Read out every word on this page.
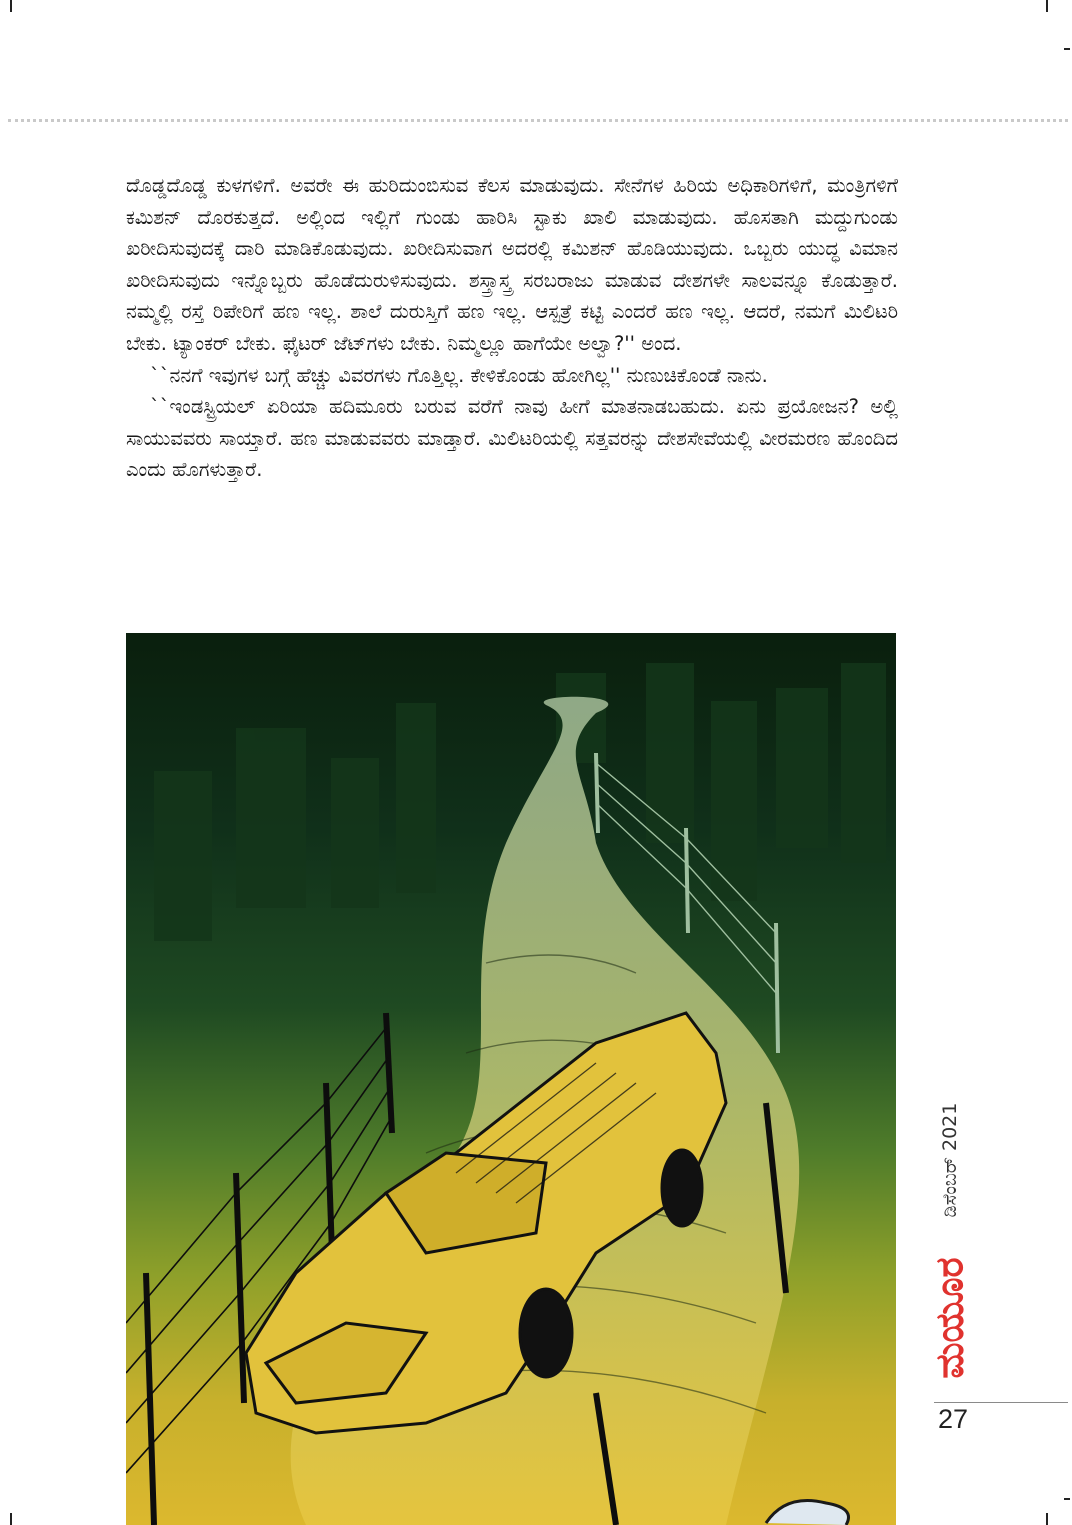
ದೊಡ್ಡದೊಡ್ಡ ಕುಳಗಳಿಗೆ. ಅವರೇ ಈ ಹುರಿದುಂಬಿಸುವ ಕೆಲಸ ಮಾಡುವುದು. ಸೇನೆಗಳ ಹಿರಿಯ ಅಧಿಕಾರಿಗಳಿಗೆ, ಮಂತ್ರಿಗಳಿಗೆ ಕಮಿಶನ್ ದೊರಕುತ್ತದೆ. ಅಲ್ಲಿಂದ ಇಲ್ಲಿಗೆ ಗುಂಡು ಹಾರಿಸಿ ಸ್ಟಾಕು ಖಾಲಿ ಮಾಡುವುದು. ಹೊಸತಾಗಿ ಮದ್ದುಗುಂಡು ಖರೀದಿಸುವುದಕ್ಕೆ ದಾರಿ ಮಾಡಿಕೊಡುವುದು. ಖರೀದಿಸುವಾಗ ಅದರಲ್ಲಿ ಕಮಿಶನ್ ಹೊಡಿಯುವುದು. ಒಬ್ಬರು ಯುದ್ಧ ವಿಮಾನ ಖರೀದಿಸುವುದು ಇನ್ನೊಬ್ಬರು ಹೊಡೆದುರುಳಿಸುವುದು. ಶಸ್ತ್ರಾಸ್ತ್ರ ಸರಬರಾಜು ಮಾಡುವ ದೇಶಗಳೇ ಸಾಲವನ್ನೂ ಕೊಡುತ್ತಾರೆ. ನಮ್ಮಲ್ಲಿ ರಸ್ತೆ ರಿಪೇರಿಗೆ ಹಣ ಇಲ್ಲ. ಶಾಲೆ ದುರುಸ್ತಿಗೆ ಹಣ ಇಲ್ಲ. ಆಸ್ಪತ್ರೆ ಕಟ್ಟಿ ಎಂದರೆ ಹಣ ಇಲ್ಲ. ಆದರೆ, ನಮಗೆ ಮಿಲಿಟರಿ ಬೇಕು. ಟ್ಯಾಂಕರ್ ಬೇಕು. ಫೈಟರ್ ಜೆಟ್‌ಗಳು ಬೇಕು. ನಿಮ್ಮಲ್ಲೂ ಹಾಗೆಯೇ ಅಲ್ವಾ?'' ಅಂದ.

``ನನಗೆ ಇವುಗಳ ಬಗ್ಗೆ ಹೆಚ್ಚು ವಿವರಗಳು ಗೊತ್ತಿಲ್ಲ. ಕೇಳಿಕೊಂಡು ಹೋಗಿಲ್ಲ'' ನುಣುಚಿಕೊಂಡೆ ನಾನು.

``ಇಂಡಸ್ಟ್ರಿಯಲ್ ಏರಿಯಾ ಹದಿಮೂರು ಬರುವ ವರೆಗೆ ನಾವು ಹೀಗೆ ಮಾತನಾಡಬಹುದು. ಏನು ಪ್ರಯೋಜನ? ಅಲ್ಲಿ ಸಾಯುವವರು ಸಾಯ್ತಾರೆ. ಹಣ ಮಾಡುವವರು ಮಾಡ್ತಾರೆ. ಮಿಲಿಟರಿಯಲ್ಲಿ ಸತ್ತವರನ್ನು ದೇಶಸೇವೆಯಲ್ಲಿ ವೀರಮರಣ ಹೊಂದಿದ ಎಂದು ಹೊಗಳುತ್ತಾರೆ.

ಡಿಸೆಂಬರ್ 2021
ಮಯೂರ
27
